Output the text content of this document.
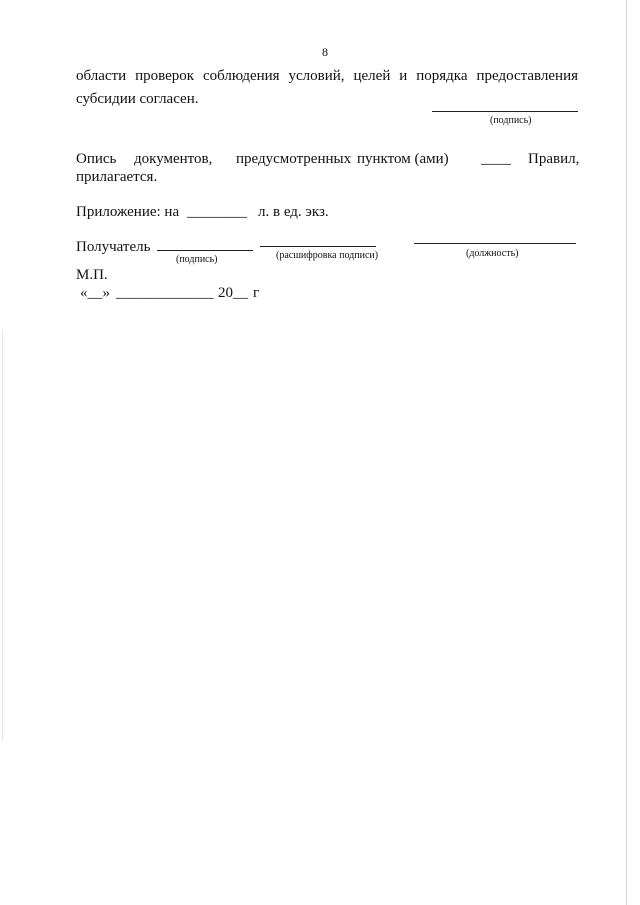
8
области проверок соблюдения условий, целей и порядка предоставления
субсидии согласен.
(подпись)
Опись документов, предусмотренных пунктом (ами) ____ Правил,
прилагается.
Приложение: на ________ л. в ед. экз.
Получатель
(подпись)	(расшифровка подписи)	(должность)
М.П.
«__» _____________ 20__ г
